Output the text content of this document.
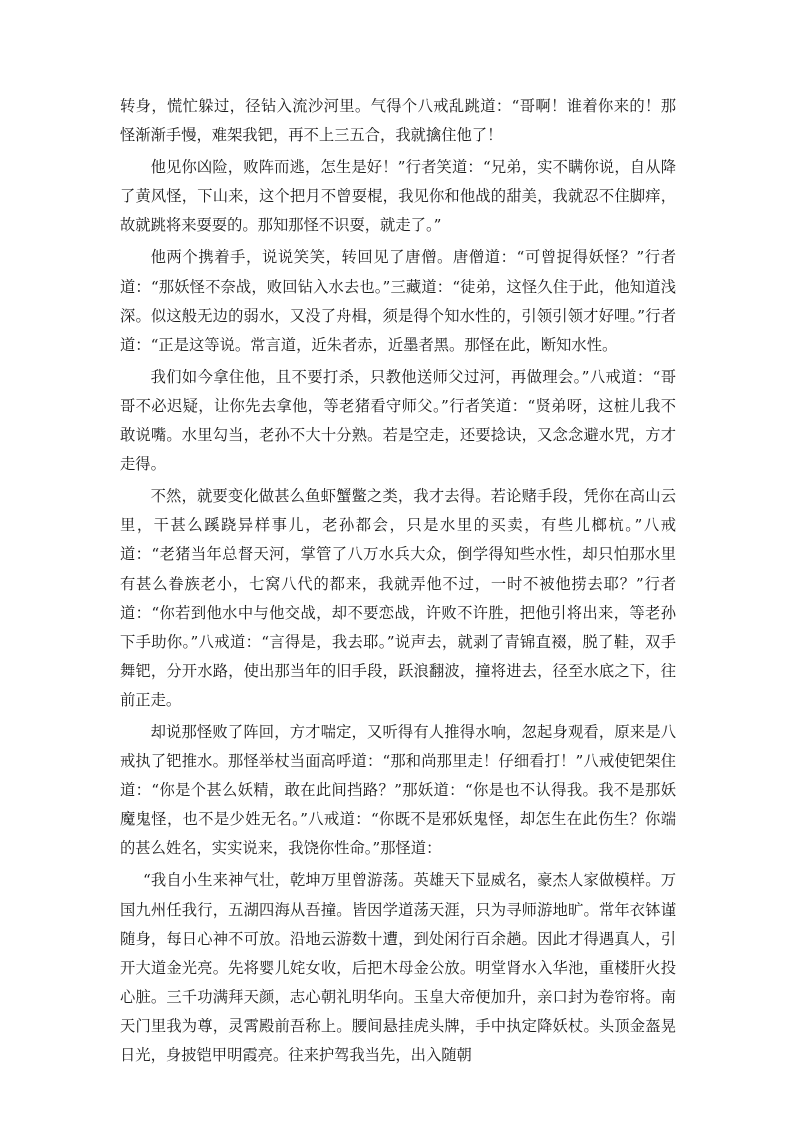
转身，慌忙躲过，径钻入流沙河里。气得个八戒乱跳道：“哥啊！谁着你来的！那怪渐渐手慢，难架我钯，再不上三五合，我就擒住他了！

他见你凶险，败阵而逃，怎生是好！”行者笑道：“兄弟，实不瞒你说，自从降了黄风怪，下山来，这个把月不曾耍棍，我见你和他战的甜美，我就忍不住脚痒，故就跳将来耍耍的。那知那怪不识耍，就走了。”

他两个携着手，说说笑笑，转回见了唐僧。唐僧道：“可曾捉得妖怪？”行者道：“那妖怪不奈战，败回钻入水去也。”三藏道：“徒弟，这怪久住于此，他知道浅深。似这般无边的弱水，又没了舟楫，须是得个知水性的，引领引领才好哩。”行者道：“正是这等说。常言道，近朱者赤，近墨者黑。那怪在此，断知水性。

我们如今拿住他，且不要打杀，只教他送师父过河，再做理会。”八戒道：“哥哥不必迟疑，让你先去拿他，等老猪看守师父。”行者笑道：“贤弟呀，这桩儿我不敢说嘴。水里勾当，老孙不大十分熟。若是空走，还要捻诀，又念念避水咒，方才走得。

不然，就要变化做甚么鱼虾蟹鳖之类，我才去得。若论赌手段，凭你在高山云里，干甚么蹊跷异样事儿，老孙都会，只是水里的买卖，有些儿榔杭。”八戒道：“老猪当年总督天河，掌管了八万水兵大众，倒学得知些水性，却只怕那水里有甚么眷族老小，七窝八代的都来，我就弄他不过，一时不被他捞去耶？”行者道：“你若到他水中与他交战，却不要恋战，许败不许胜，把他引将出来，等老孙下手助你。”八戒道：“言得是，我去耶。”说声去，就剥了青锦直裰，脱了鞋，双手舞钯，分开水路，使出那当年的旧手段，跃浪翻波，撞将进去，径至水底之下，往前正走。

却说那怪败了阵回，方才喘定，又听得有人推得水响，忽起身观看，原来是八戒执了钯推水。那怪举杖当面高呼道：“那和尚那里走！仔细看打！”八戒使钯架住道：“你是个甚么妖精，敢在此间挡路？”那妖道：“你是也不认得我。我不是那妖魔鬼怪，也不是少姓无名。”八戒道：“你既不是邪妖鬼怪，却怎生在此伤生？你端的甚么姓名，实实说来，我饶你性命。”那怪道：

“我自小生来神气壮，乾坤万里曾游荡。英雄天下显威名，豪杰人家做模样。万国九州任我行，五湖四海从吾撞。皆因学道荡天涯，只为寻师游地旷。常年衣钵谨随身，每日心神不可放。沿地云游数十遭，到处闲行百余趟。因此才得遇真人，引开大道金光亮。先将婴儿姹女收，后把木母金公放。明堂肾水入华池，重楼肝火投心脏。三千功满拜天颜，志心朝礼明华向。玉皇大帝便加升，亲口封为卷帘将。南天门里我为尊，灵霄殿前吾称上。腰间悬挂虎头牌，手中执定降妖杖。头顶金盔晃日光，身披铠甲明霞亮。往来护驾我当先，出入随朝
